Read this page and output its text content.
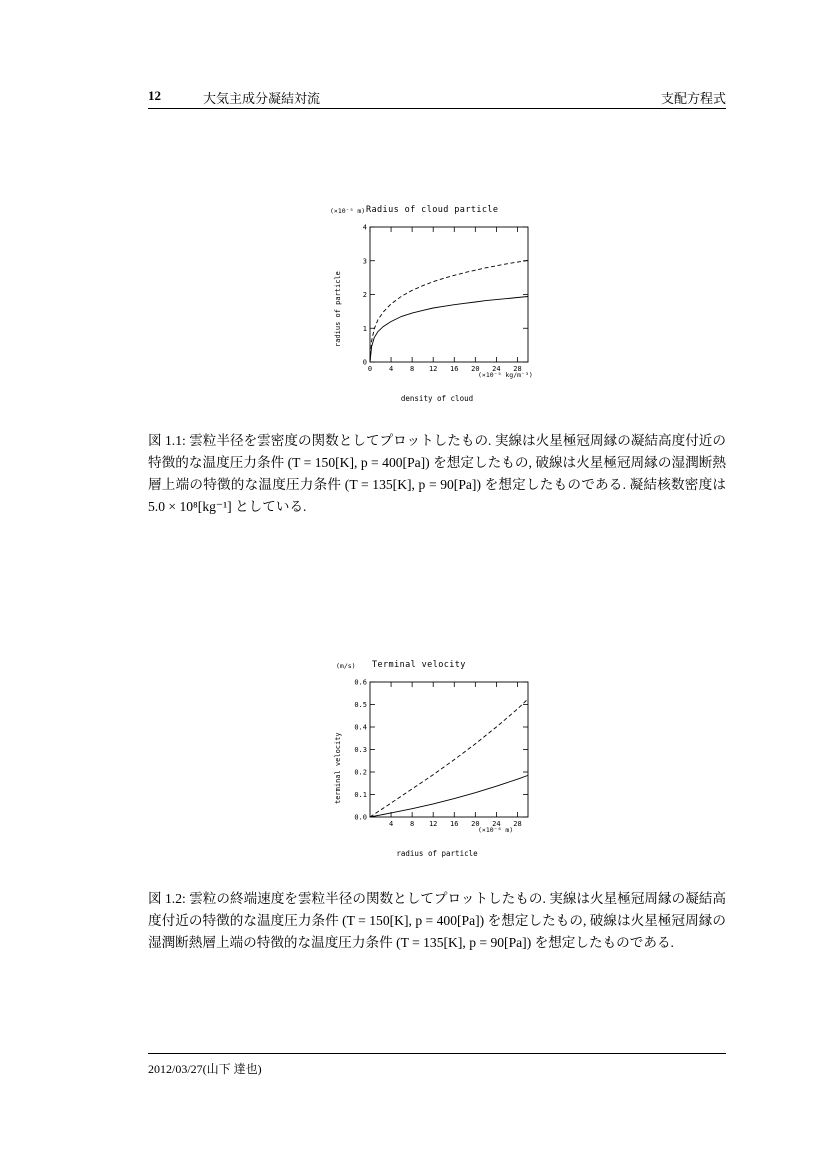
12	大気主成分凝結対流	支配方程式
(×10⁻⁵ m) Radius of cloud particle
0
1
2
3
4
0 4 8 12 16 20 24 28
radius of particle
(×10⁻⁵ kg/m⁻³)
density of cloud
図 1.1: 雲粒半径を雲密度の関数としてプロットしたもの. 実線は火星極冠周縁の凝結高度付近の特徴的な温度圧力条件 (T = 150[K], p = 400[Pa]) を想定したもの, 破線は火星極冠周縁の湿潤断熱層上端の特徴的な温度圧力条件 (T = 135[K], p = 90[Pa]) を想定したものである. 凝結核数密度は 5.0 × 10⁸[kg⁻¹] としている.
(m/s) Terminal velocity
0.0
0.1
0.2
0.3
0.4
0.5
0.6
4 8 12 16 20 24 28
terminal velocity
(×10⁻⁶ m)
radius of particle
図 1.2: 雲粒の終端速度を雲粒半径の関数としてプロットしたもの. 実線は火星極冠周縁の凝結高度付近の特徴的な温度圧力条件 (T = 150[K], p = 400[Pa]) を想定したもの, 破線は火星極冠周縁の湿潤断熱層上端の特徴的な温度圧力条件 (T = 135[K], p = 90[Pa]) を想定したものである.
2012/03/27(山下 達也)
